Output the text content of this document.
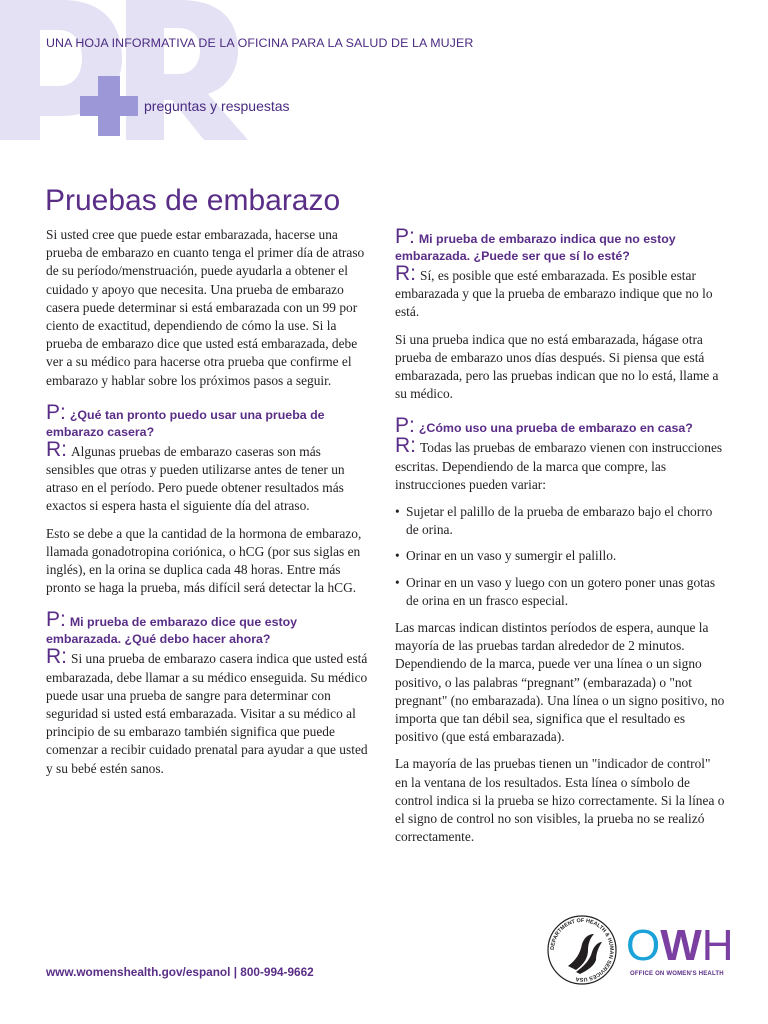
UNA HOJA INFORMATIVA DE LA OFICINA PARA LA SALUD DE LA MUJER
preguntas y respuestas
Pruebas de embarazo

Si usted cree que puede estar embarazada, hacerse una prueba de embarazo en cuanto tenga el primer día de atraso de su período/menstruación, puede ayudarla a obtener el cuidado y apoyo que necesita. Una prueba de embarazo casera puede determinar si está embarazada con un 99 por ciento de exactitud, dependiendo de cómo la use. Si la prueba de embarazo dice que usted está embarazada, debe ver a su médico para hacerse otra prueba que confirme el embarazo y hablar sobre los próximos pasos a seguir.

P: ¿Qué tan pronto puedo usar una prueba de embarazo casera?

R: Algunas pruebas de embarazo caseras son más sensibles que otras y pueden utilizarse antes de tener un atraso en el período. Pero puede obtener resultados más exactos si espera hasta el siguiente día del atraso.

Esto se debe a que la cantidad de la hormona de embarazo, llamada gonadotropina coriónica, o hCG (por sus siglas en inglés), en la orina se duplica cada 48 horas. Entre más pronto se haga la prueba, más difícil será detectar la hCG.

P: Mi prueba de embarazo dice que estoy embarazada. ¿Qué debo hacer ahora?

R: Si una prueba de embarazo casera indica que usted está embarazada, debe llamar a su médico enseguida. Su médico puede usar una prueba de sangre para determinar con seguridad si usted está embarazada. Visitar a su médico al principio de su embarazo también significa que puede comenzar a recibir cuidado prenatal para ayudar a que usted y su bebé estén sanos.

P: Mi prueba de embarazo indica que no estoy embarazada. ¿Puede ser que sí lo esté?

R: Sí, es posible que esté embarazada. Es posible estar embarazada y que la prueba de embarazo indique que no lo está.

Si una prueba indica que no está embarazada, hágase otra prueba de embarazo unos días después. Si piensa que está embarazada, pero las pruebas indican que no lo está, llame a su médico.

P: ¿Cómo uso una prueba de embarazo en casa?

R: Todas las pruebas de embarazo vienen con instrucciones escritas. Dependiendo de la marca que compre, las instrucciones pueden variar:

• Sujetar el palillo de la prueba de embarazo bajo el chorro de orina.
• Orinar en un vaso y sumergir el palillo.
• Orinar en un vaso y luego con un gotero poner unas gotas de orina en un frasco especial.

Las marcas indican distintos períodos de espera, aunque la mayoría de las pruebas tardan alrededor de 2 minutos. Dependiendo de la marca, puede ver una línea o un signo positivo, o las palabras “pregnant” (embarazada) o "not pregnant" (no embarazada). Una línea o un signo positivo, no importa que tan débil sea, significa que el resultado es positivo (que está embarazada).

La mayoría de las pruebas tienen un "indicador de control" en la ventana de los resultados. Esta línea o símbolo de control indica si la prueba se hizo correctamente. Si la línea o el signo de control no son visibles, la prueba no se realizó correctamente.

www.womenshealth.gov/espanol | 800-994-9662
DEPARTMENT OF HEALTH & HUMAN SERVICES USA
OWH
OFFICE ON WOMEN'S HEALTH
